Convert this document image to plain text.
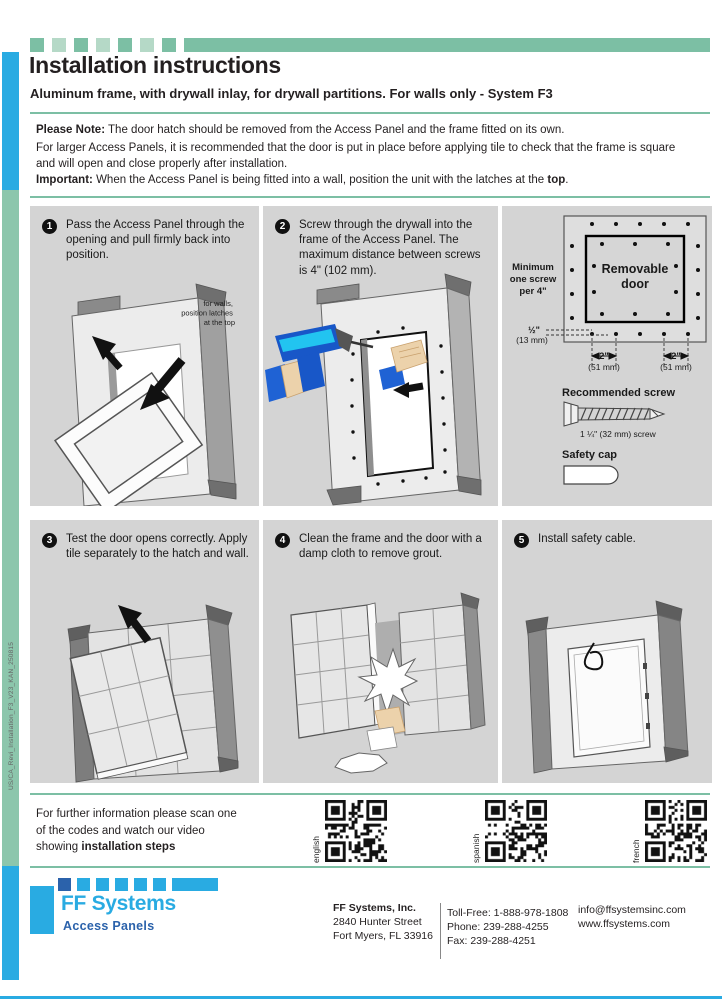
US/CA_Revi_Installation_F3_V23_KAN_250815
Installation instructions
Aluminum frame, with drywall inlay, for drywall partitions. For walls only - System F3
Please Note: The door hatch should be removed from the Access Panel and the frame fitted on its own.
For larger Access Panels, it is recommended that the door is put in place before applying tile to check that the frame is square and will open and close properly after installation.
Important: When the Access Panel is being fitted into a wall, position the unit with the latches at the top.
1	Pass the Access Panel through the opening and pull firmly back into position.
for walls, position latches at the top
2	Screw through the drywall into the frame of the Access Panel. The maximum distance between screws is 4" (102 mm).	Minimum one screw per 4"
Removable
door
½"
(13 mm)
2"
(51 mm)
2"
(51 mm)
Recommended screw
1 ¼" (32 mm) screw
Safety cap
3	Test the door opens correctly. Apply tile separately to the hatch and wall.
4	Clean the frame and the door with a damp cloth to remove grout.
5	Install safety cable.
For further information please scan one
of the codes and watch our video
showing installation steps	english	spanish	french
FF Systems
Access Panels
FF Systems, Inc.
2840 Hunter Street
Fort Myers, FL 33916
Toll-Free: 1-888-978-1808
Phone: 239-288-4255
Fax: 239-288-4251
info@ffsystemsinc.com
www.ffsystems.com
